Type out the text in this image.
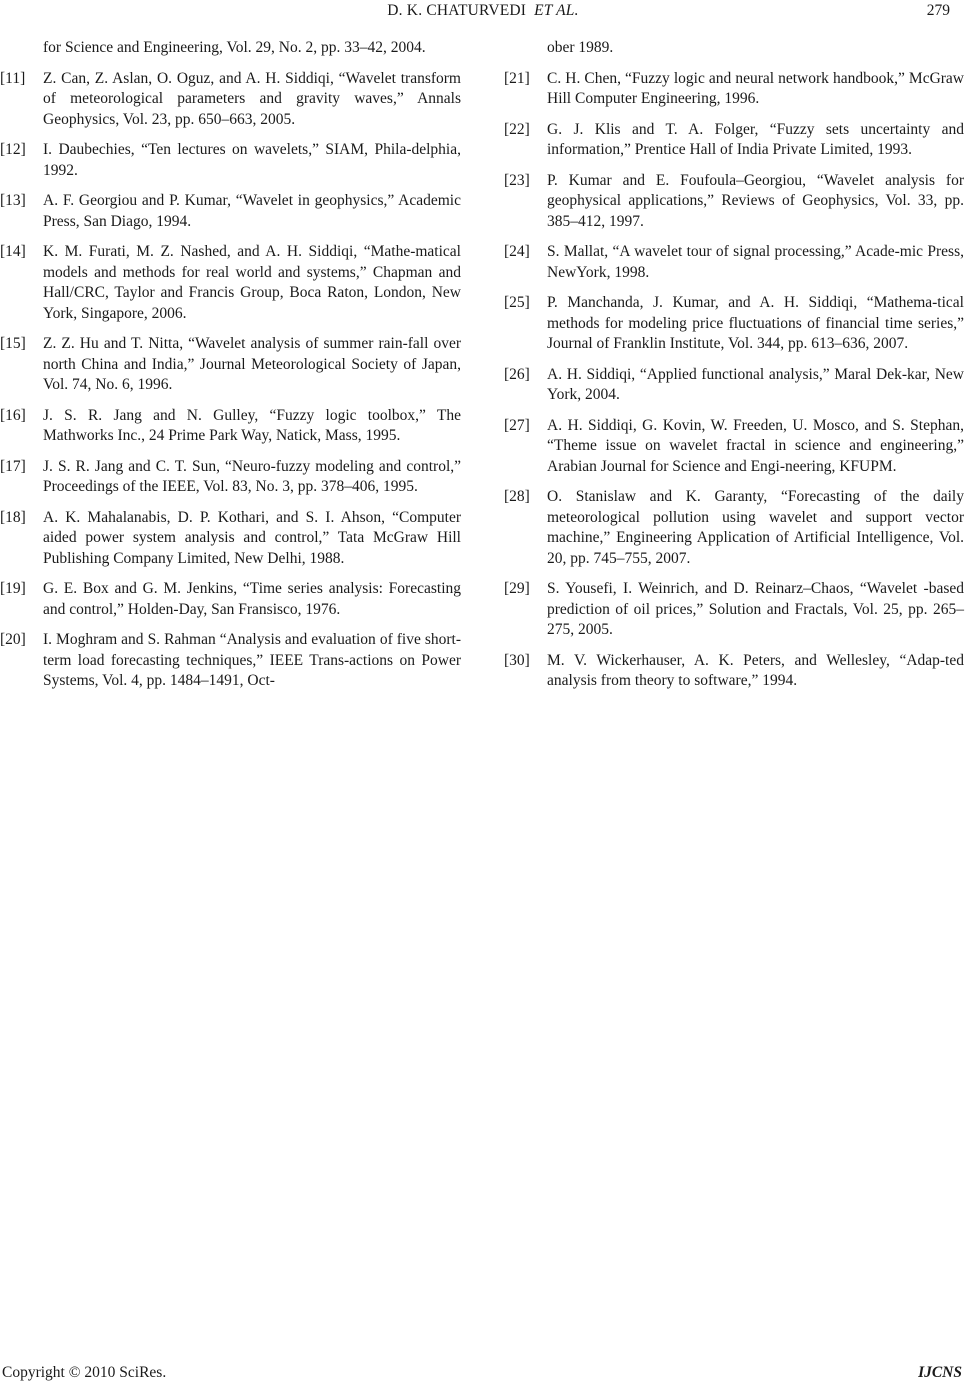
D. K. CHATURVEDI ET AL.	279
for Science and Engineering, Vol. 29, No. 2, pp. 33–42, 2004.
[11] Z. Can, Z. Aslan, O. Oguz, and A. H. Siddiqi, “Wavelet transform of meteorological parameters and gravity waves,” Annals Geophysics, Vol. 23, pp. 650–663, 2005.
[12] I. Daubechies, “Ten lectures on wavelets,” SIAM, Phila-delphia, 1992.
[13] A. F. Georgiou and P. Kumar, “Wavelet in geophysics,” Academic Press, San Diago, 1994.
[14] K. M. Furati, M. Z. Nashed, and A. H. Siddiqi, “Mathe-matical models and methods for real world and systems,” Chapman and Hall/CRC, Taylor and Francis Group, Boca Raton, London, New York, Singapore, 2006.
[15] Z. Z. Hu and T. Nitta, “Wavelet analysis of summer rain-fall over north China and India,” Journal Meteorological Society of Japan, Vol. 74, No. 6, 1996.
[16] J. S. R. Jang and N. Gulley, “Fuzzy logic toolbox,” The Mathworks Inc., 24 Prime Park Way, Natick, Mass, 1995.
[17] J. S. R. Jang and C. T. Sun, “Neuro-fuzzy modeling and control,” Proceedings of the IEEE, Vol. 83, No. 3, pp. 378–406, 1995.
[18] A. K. Mahalanabis, D. P. Kothari, and S. I. Ahson, “Computer aided power system analysis and control,” Tata McGraw Hill Publishing Company Limited, New Delhi, 1988.
[19] G. E. Box and G. M. Jenkins, “Time series analysis: Forecasting and control,” Holden-Day, San Fransisco, 1976.
[20] I. Moghram and S. Rahman “Analysis and evaluation of five short-term load forecasting techniques,” IEEE Trans-actions on Power Systems, Vol. 4, pp. 1484–1491, Oct-
ober 1989.
[21] C. H. Chen, “Fuzzy logic and neural network handbook,” McGraw Hill Computer Engineering, 1996.
[22] G. J. Klis and T. A. Folger, “Fuzzy sets uncertainty and information,” Prentice Hall of India Private Limited, 1993.
[23] P. Kumar and E. Foufoula–Georgiou, “Wavelet analysis for geophysical applications,” Reviews of Geophysics, Vol. 33, pp. 385–412, 1997.
[24] S. Mallat, “A wavelet tour of signal processing,” Acade-mic Press, NewYork, 1998.
[25] P. Manchanda, J. Kumar, and A. H. Siddiqi, “Mathema-tical methods for modeling price fluctuations of financial time series,” Journal of Franklin Institute, Vol. 344, pp. 613–636, 2007.
[26] A. H. Siddiqi, “Applied functional analysis,” Maral Dek-kar, New York, 2004.
[27] A. H. Siddiqi, G. Kovin, W. Freeden, U. Mosco, and S. Stephan, “Theme issue on wavelet fractal in science and engineering,” Arabian Journal for Science and Engi-neering, KFUPM.
[28] O. Stanislaw and K. Garanty, “Forecasting of the daily meteorological pollution using wavelet and support vector machine,” Engineering Application of Artificial Intelligence, Vol. 20, pp. 745–755, 2007.
[29] S. Yousefi, I. Weinrich, and D. Reinarz–Chaos, “Wavelet -based prediction of oil prices,” Solution and Fractals, Vol. 25, pp. 265–275, 2005.
[30] M. V. Wickerhauser, A. K. Peters, and Wellesley, “Adap-ted analysis from theory to software,” 1994.
Copyright © 2010 SciRes.	IJCNS
